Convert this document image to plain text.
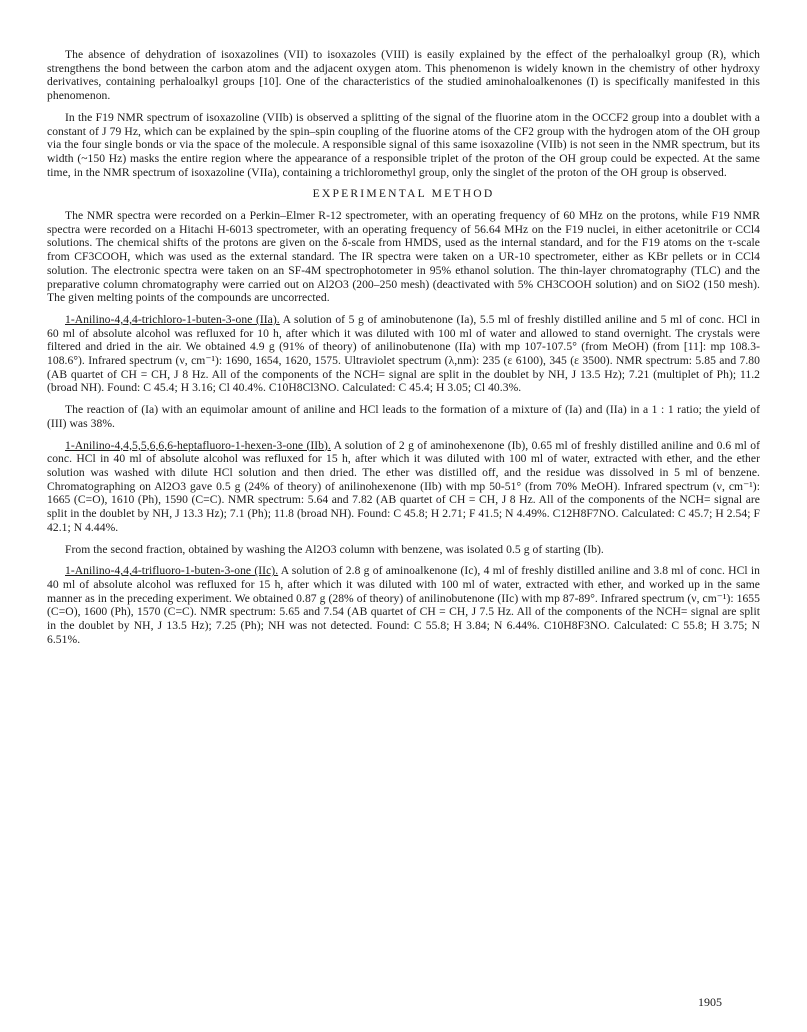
The absence of dehydration of isoxazolines (VII) to isoxazoles (VIII) is easily explained by the effect of the perhaloalkyl group (R), which strengthens the bond between the carbon atom and the adjacent oxygen atom. This phenomenon is widely known in the chemistry of other hydroxy derivatives, containing perhaloalkyl groups [10]. One of the characteristics of the studied aminohaloalkenones (I) is specifically manifested in this phenomenon.

In the F19 NMR spectrum of isoxazoline (VIIb) is observed a splitting of the signal of the fluorine atom in the OCCF2 group into a doublet with a constant of J 79 Hz, which can be explained by the spin–spin coupling of the fluorine atoms of the CF2 group with the hydrogen atom of the OH group via the four single bonds or via the space of the molecule. A responsible signal of this same isoxazoline (VIIb) is not seen in the NMR spectrum, but its width (~150 Hz) masks the entire region where the appearance of a responsible triplet of the proton of the OH group could be expected. At the same time, in the NMR spectrum of isoxazoline (VIIa), containing a trichloromethyl group, only the singlet of the proton of the OH group is observed.

EXPERIMENTAL METHOD

The NMR spectra were recorded on a Perkin–Elmer R-12 spectrometer, with an operating frequency of 60 MHz on the protons, while F19 NMR spectra were recorded on a Hitachi H-6013 spectrometer, with an operating frequency of 56.64 MHz on the F19 nuclei, in either acetonitrile or CCl4 solutions. The chemical shifts of the protons are given on the δ-scale from HMDS, used as the internal standard, and for the F19 atoms on the τ-scale from CF3COOH, which was used as the external standard. The IR spectra were taken on a UR-10 spectrometer, either as KBr pellets or in CCl4 solution. The electronic spectra were taken on an SF-4M spectrophotometer in 95% ethanol solution. The thin-layer chromatography (TLC) and the preparative column chromatography were carried out on Al2O3 (200–250 mesh) (deactivated with 5% CH3COOH solution) and on SiO2 (150 mesh). The given melting points of the compounds are uncorrected.

1-Anilino-4,4,4-trichloro-1-buten-3-one (IIa). A solution of 5 g of aminobutenone (Ia), 5.5 ml of freshly distilled aniline and 5 ml of conc. HCl in 60 ml of absolute alcohol was refluxed for 10 h, after which it was diluted with 100 ml of water and allowed to stand overnight. The crystals were filtered and dried in the air. We obtained 4.9 g (91% of theory) of anilinobutenone (IIa) with mp 107-107.5° (from MeOH) (from [11]: mp 108.3-108.6°). Infrared spectrum (ν, cm⁻¹): 1690, 1654, 1620, 1575. Ultraviolet spectrum (λ,nm): 235 (ε 6100), 345 (ε 3500). NMR spectrum: 5.85 and 7.80 (AB quartet of CH = CH, J 8 Hz. All of the components of the NCH= signal are split in the doublet by NH, J 13.5 Hz); 7.21 (multiplet of Ph); 11.2 (broad NH). Found: C 45.4; H 3.16; Cl 40.4%. C10H8Cl3NO. Calculated: C 45.4; H 3.05; Cl 40.3%.

The reaction of (Ia) with an equimolar amount of aniline and HCl leads to the formation of a mixture of (Ia) and (IIa) in a 1 : 1 ratio; the yield of (III) was 38%.

1-Anilino-4,4,5,5,6,6,6-heptafluoro-1-hexen-3-one (IIb). A solution of 2 g of aminohexenone (Ib), 0.65 ml of freshly distilled aniline and 0.6 ml of conc. HCl in 40 ml of absolute alcohol was refluxed for 15 h, after which it was diluted with 100 ml of water, extracted with ether, and the ether solution was washed with dilute HCl solution and then dried. The ether was distilled off, and the residue was dissolved in 5 ml of benzene. Chromatographing on Al2O3 gave 0.5 g (24% of theory) of anilinohexenone (IIb) with mp 50-51° (from 70% MeOH). Infrared spectrum (ν, cm⁻¹): 1665 (C=O), 1610 (Ph), 1590 (C=C). NMR spectrum: 5.64 and 7.82 (AB quartet of CH = CH, J 8 Hz. All of the components of the NCH= signal are split in the doublet by NH, J 13.3 Hz); 7.1 (Ph); 11.8 (broad NH). Found: C 45.8; H 2.71; F 41.5; N 4.49%. C12H8F7NO. Calculated: C 45.7; H 2.54; F 42.1; N 4.44%.

From the second fraction, obtained by washing the Al2O3 column with benzene, was isolated 0.5 g of starting (Ib).

1-Anilino-4,4,4-trifluoro-1-buten-3-one (IIc). A solution of 2.8 g of aminoalkenone (Ic), 4 ml of freshly distilled aniline and 3.8 ml of conc. HCl in 40 ml of absolute alcohol was refluxed for 15 h, after which it was diluted with 100 ml of water, extracted with ether, and worked up in the same manner as in the preceding experiment. We obtained 0.87 g (28% of theory) of anilinobutenone (IIc) with mp 87-89°. Infrared spectrum (ν, cm⁻¹): 1655 (C=O), 1600 (Ph), 1570 (C=C). NMR spectrum: 5.65 and 7.54 (AB quartet of CH = CH, J 7.5 Hz. All of the components of the NCH= signal are split in the doublet by NH, J 13.5 Hz); 7.25 (Ph); NH was not detected. Found: C 55.8; H 3.84; N 6.44%. C10H8F3NO. Calculated: C 55.8; H 3.75; N 6.51%.

1905
